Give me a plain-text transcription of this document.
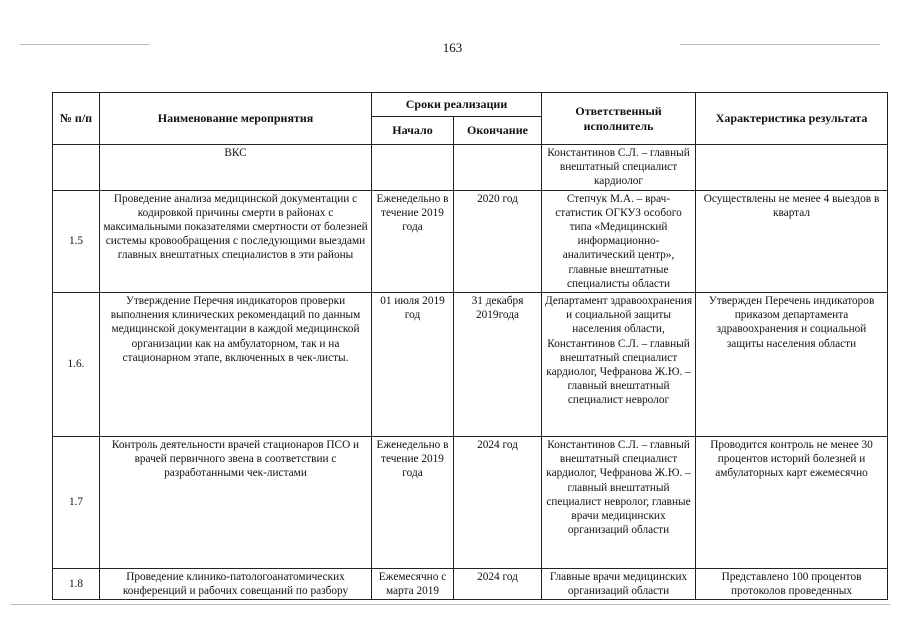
163
№ п/п	Наименование мероприятия	Сроки реализации		Ответственный исполнитель	Характеристика результата
		Начало	Окончание		
	ВКС			Константинов С.Л. – главный внештатный специалист кардиолог	
1.5	Проведение анализа медицинской документации с кодировкой причины смерти в районах с максимальными показателями смертности от болезней системы кровообращения с последующими выездами главных внештатных специалистов в эти районы	Еженедельно в течение 2019 года	2020 год	Степчук М.А. – врач-статистик ОГКУЗ особого типа «Медицинский информационно-аналитический центр», главные внештатные специалисты области	Осуществлены не менее 4 выездов в квартал
1.6.	Утверждение Перечня индикаторов проверки выполнения клинических рекомендаций по данным медицинской документации в каждой медицинской организации как на амбулаторном, так и на стационарном этапе, включенных в чек-листы.	01 июля 2019 год	31 декабря 2019года	Департамент здравоохранения и социальной защиты населения области, Константинов С.Л. – главный внештатный специалист кардиолог, Чефранова Ж.Ю. – главный внештатный специалист невролог	Утвержден Перечень индикаторов приказом департамента здравоохранения и социальной защиты населения области
1.7	Контроль деятельности врачей стационаров ПСО и врачей первичного звена в соответствии с разработанными чек-листами	Еженедельно в течение 2019 года	2024 год	Константинов С.Л. – главный внештатный специалист кардиолог, Чефранова Ж.Ю. – главный внештатный специалист невролог, главные врачи медицинских организаций области	Проводится контроль не менее 30 процентов историй болезней и амбулаторных карт ежемесячно
1.8	Проведение клинико-патологоанатомических конференций и рабочих совещаний по разбору	Ежемесячно с марта 2019	2024 год	Главные врачи медицинских организаций области	Представлено 100 процентов протоколов проведенных
